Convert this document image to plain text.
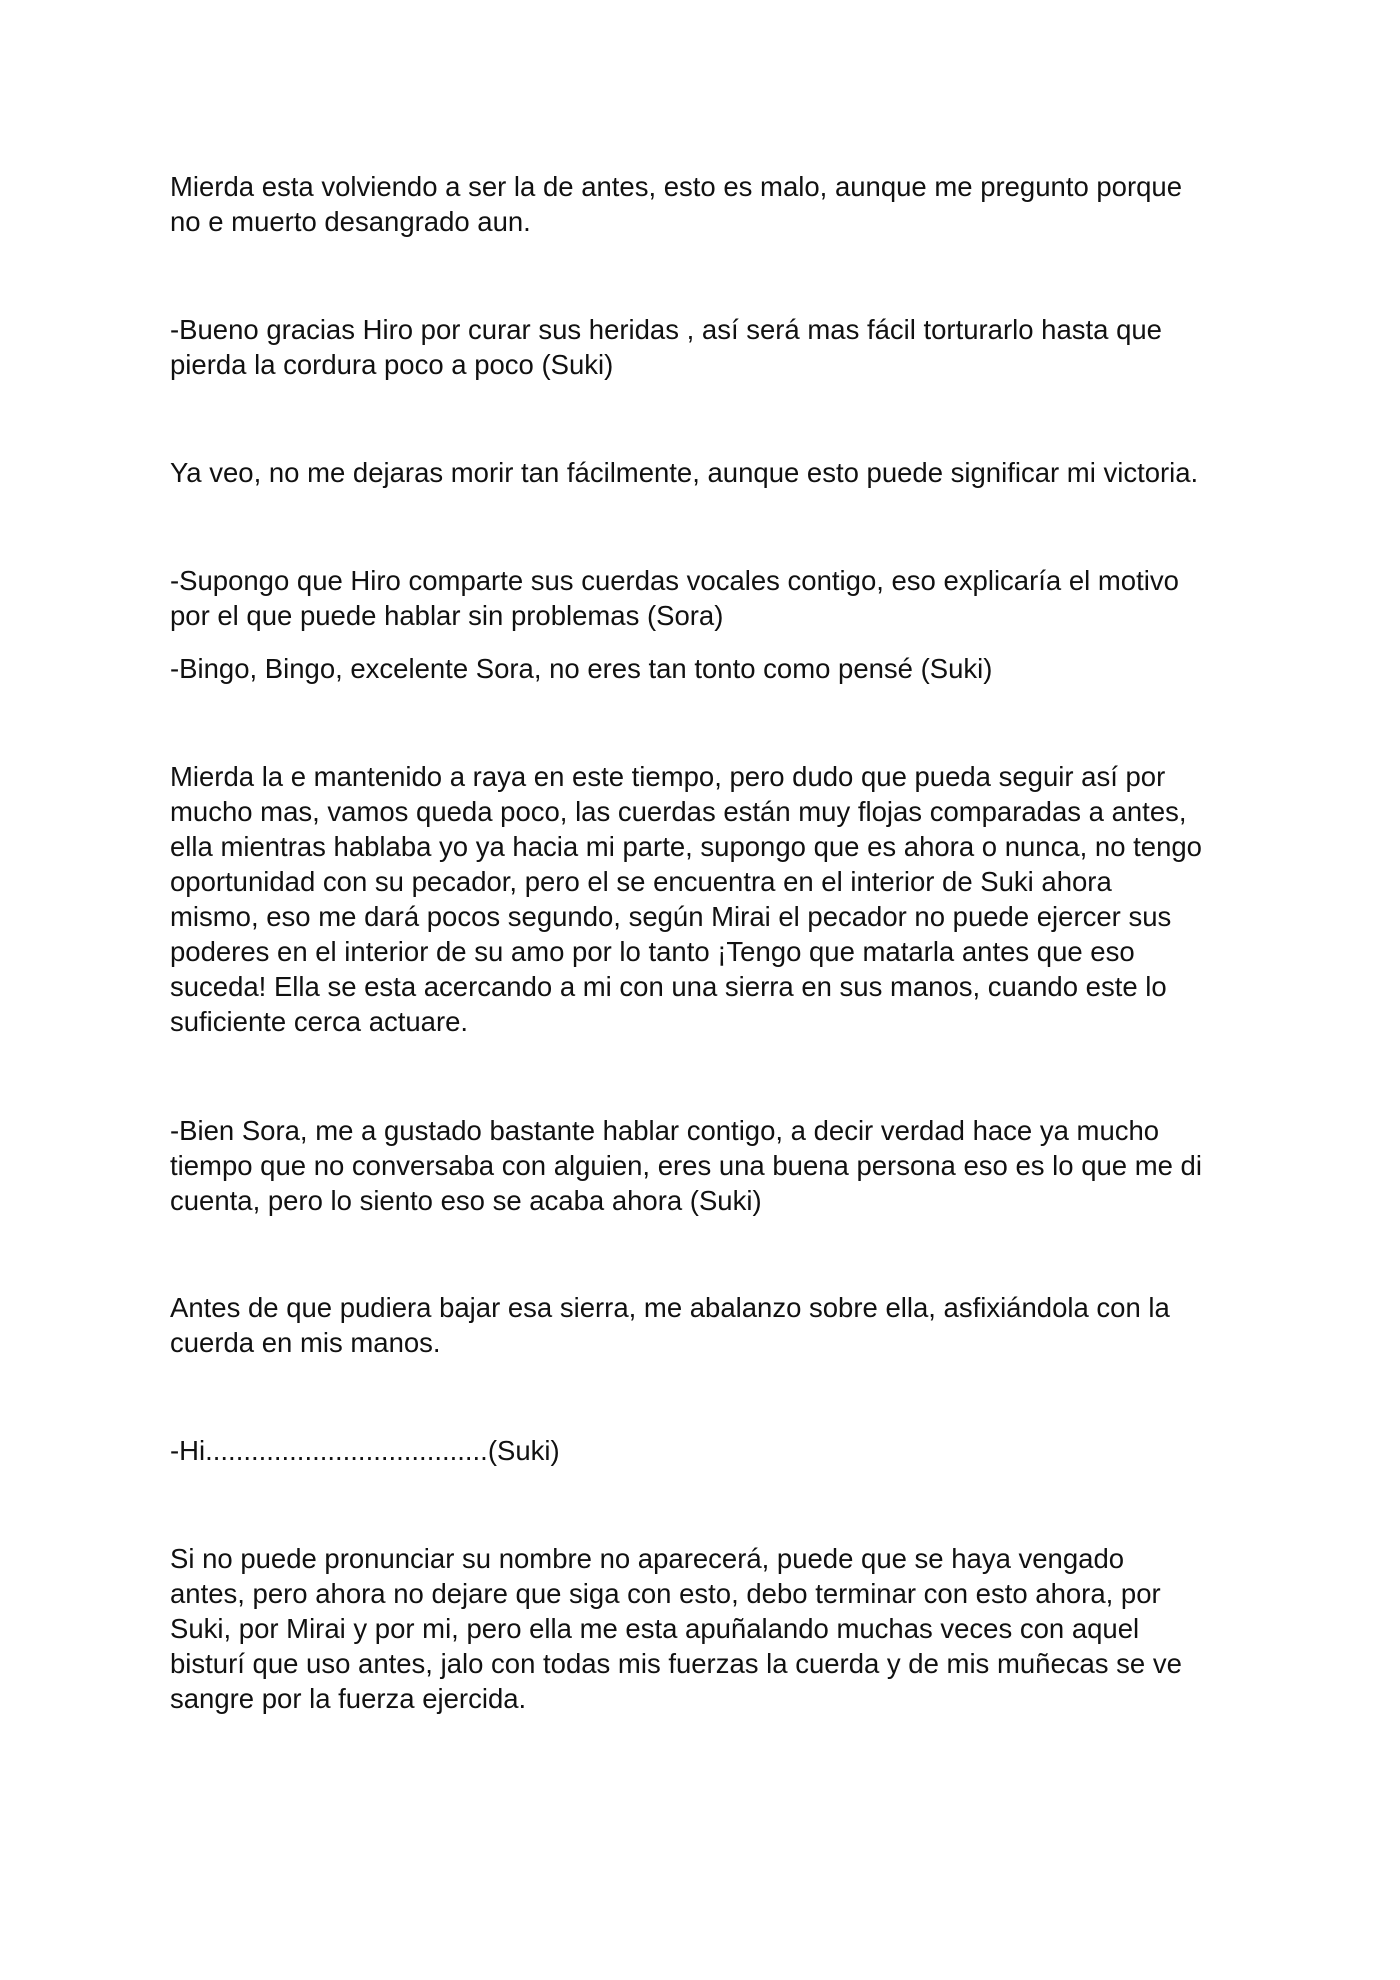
Mierda esta volviendo a ser la de antes, esto es malo, aunque me pregunto porque
no e muerto desangrado aun.

-Bueno gracias Hiro por curar sus heridas , así será mas fácil torturarlo hasta que
pierda la cordura poco a poco (Suki)

Ya veo, no me dejaras morir tan fácilmente, aunque esto puede significar mi victoria.

-Supongo que Hiro comparte sus cuerdas vocales contigo, eso explicaría el motivo
por el que puede hablar sin problemas (Sora)

-Bingo, Bingo, excelente Sora, no eres tan tonto como pensé (Suki)

Mierda la e mantenido a raya en este tiempo, pero dudo que pueda seguir así por
mucho mas, vamos queda poco, las cuerdas están muy flojas comparadas a antes,
ella mientras hablaba yo ya hacia mi parte, supongo que es ahora o nunca, no tengo
oportunidad con su pecador, pero el se encuentra en el interior de Suki ahora
mismo, eso me dará pocos segundo, según Mirai el pecador no puede ejercer sus
poderes en el interior de su amo por lo tanto ¡Tengo que matarla antes que eso
suceda! Ella se esta acercando a mi con una sierra en sus manos, cuando este lo
suficiente cerca actuare.

-Bien Sora, me a gustado bastante hablar contigo, a decir verdad hace ya mucho
tiempo que no conversaba con alguien, eres una buena persona eso es lo que me di
cuenta, pero lo siento eso se acaba ahora (Suki)

Antes de que pudiera bajar esa sierra, me abalanzo sobre ella, asfixiándola con la
cuerda en mis manos.

-Hi.....................................(Suki)

Si no puede pronunciar su nombre no aparecerá, puede que se haya vengado
antes, pero ahora no dejare que siga con esto, debo terminar con esto ahora, por
Suki, por Mirai y por mi, pero ella me esta apuñalando muchas veces con aquel
bisturí que uso antes, jalo con todas mis fuerzas la cuerda y de mis muñecas se ve
sangre por la fuerza ejercida.
